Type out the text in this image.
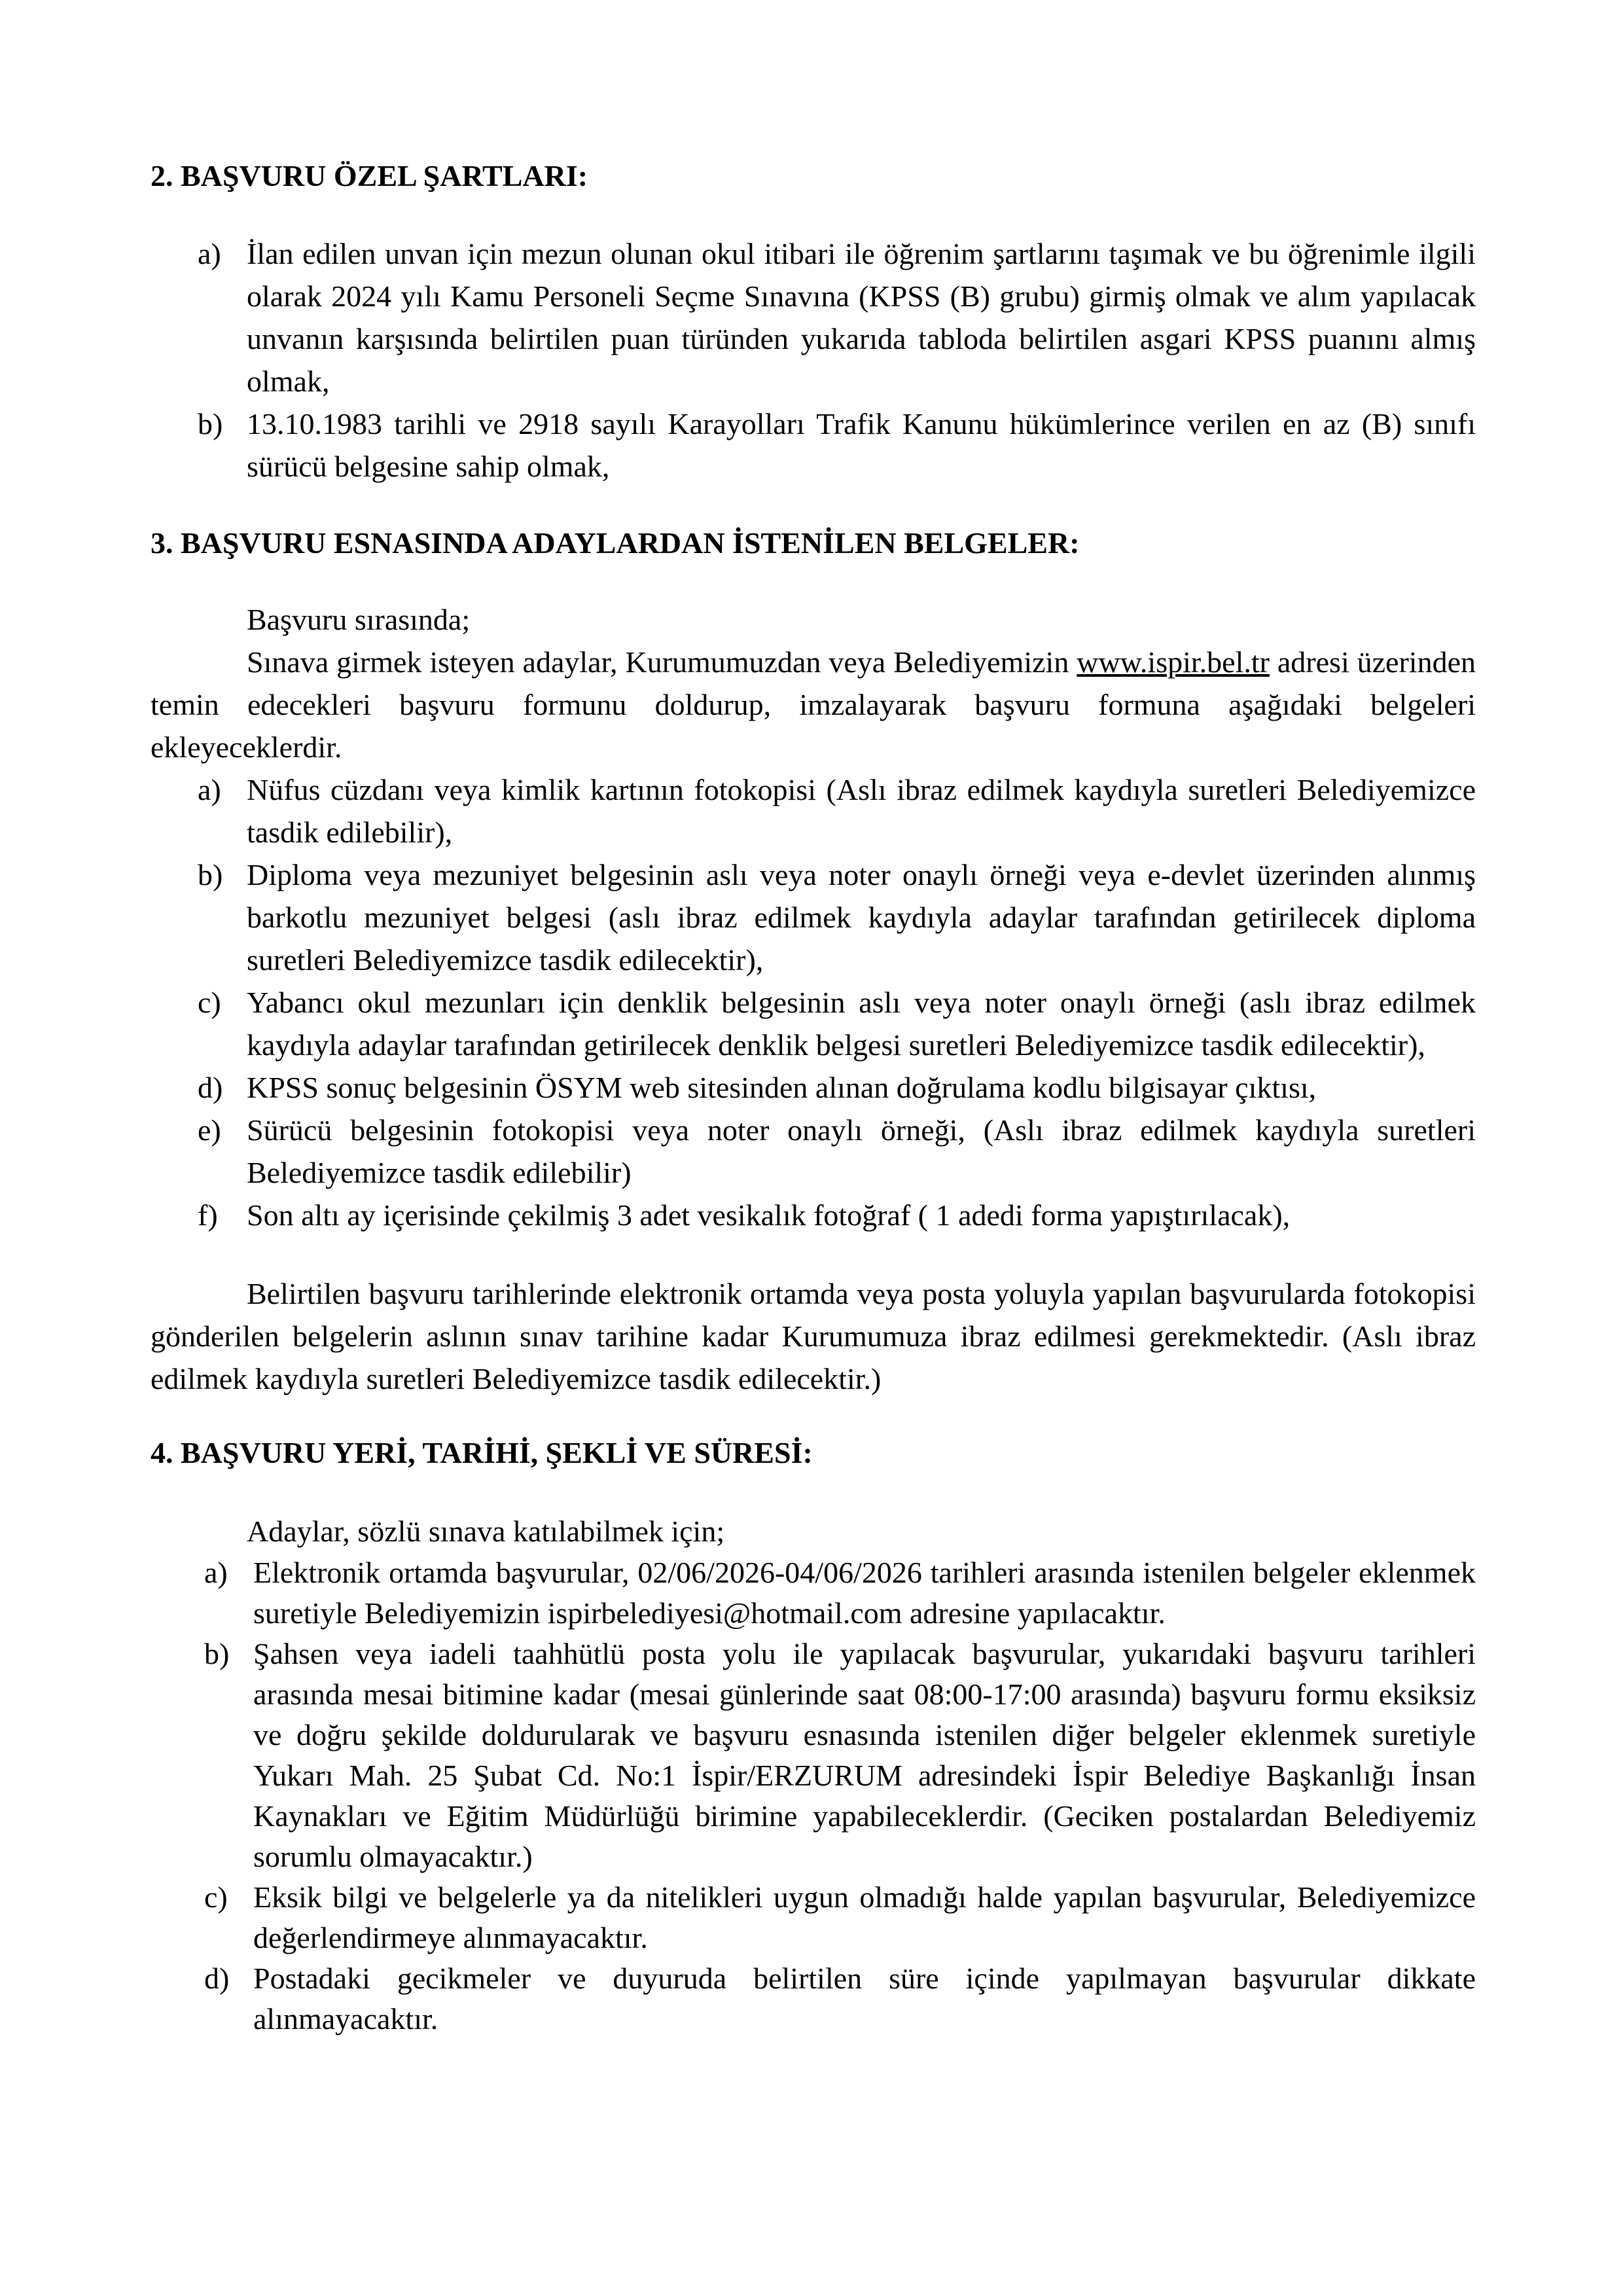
2. BAŞVURU ÖZEL ŞARTLARI:

a) İlan edilen unvan için mezun olunan okul itibari ile öğrenim şartlarını taşımak ve bu öğrenimle ilgili olarak 2024 yılı Kamu Personeli Seçme Sınavına (KPSS (B) grubu) girmiş olmak ve alım yapılacak unvanın karşısında belirtilen puan türünden yukarıda tabloda belirtilen asgari KPSS puanını almış olmak,
b) 13.10.1983 tarihli ve 2918 sayılı Karayolları Trafik Kanunu hükümlerince verilen en az (B) sınıfı sürücü belgesine sahip olmak,

3. BAŞVURU ESNASINDA ADAYLARDAN İSTENİLEN BELGELER:

Başvuru sırasında;

Sınava girmek isteyen adaylar, Kurumumuzdan veya Belediyemizin www.ispir.bel.tr adresi üzerinden temin edecekleri başvuru formunu doldurup, imzalayarak başvuru formuna aşağıdaki belgeleri ekleyeceklerdir.

a) Nüfus cüzdanı veya kimlik kartının fotokopisi (Aslı ibraz edilmek kaydıyla suretleri Belediyemizce tasdik edilebilir),
b) Diploma veya mezuniyet belgesinin aslı veya noter onaylı örneği veya e-devlet üzerinden alınmış barkotlu mezuniyet belgesi (aslı ibraz edilmek kaydıyla adaylar tarafından getirilecek diploma suretleri Belediyemizce tasdik edilecektir),
c) Yabancı okul mezunları için denklik belgesinin aslı veya noter onaylı örneği (aslı ibraz edilmek kaydıyla adaylar tarafından getirilecek denklik belgesi suretleri Belediyemizce tasdik edilecektir),
d) KPSS sonuç belgesinin ÖSYM web sitesinden alınan doğrulama kodlu bilgisayar çıktısı,
e) Sürücü belgesinin fotokopisi veya noter onaylı örneği, (Aslı ibraz edilmek kaydıyla suretleri Belediyemizce tasdik edilebilir)
f) Son altı ay içerisinde çekilmiş 3 adet vesikalık fotoğraf ( 1 adedi forma yapıştırılacak),

Belirtilen başvuru tarihlerinde elektronik ortamda veya posta yoluyla yapılan başvurularda fotokopisi gönderilen belgelerin aslının sınav tarihine kadar Kurumumuza ibraz edilmesi gerekmektedir. (Aslı ibraz edilmek kaydıyla suretleri Belediyemizce tasdik edilecektir.)

4. BAŞVURU YERİ, TARİHİ, ŞEKLİ VE SÜRESİ:

Adaylar, sözlü sınava katılabilmek için;

a) Elektronik ortamda başvurular, 02/06/2026-04/06/2026 tarihleri arasında istenilen belgeler eklenmek suretiyle Belediyemizin ispirbelediyesi@hotmail.com adresine yapılacaktır.
b) Şahsen veya iadeli taahhütlü posta yolu ile yapılacak başvurular, yukarıdaki başvuru tarihleri arasında mesai bitimine kadar (mesai günlerinde saat 08:00-17:00 arasında) başvuru formu eksiksiz ve doğru şekilde doldurularak ve başvuru esnasında istenilen diğer belgeler eklenmek suretiyle Yukarı Mah. 25 Şubat Cd. No:1 İspir/ERZURUM adresindeki İspir Belediye Başkanlığı İnsan Kaynakları ve Eğitim Müdürlüğü birimine yapabileceklerdir. (Geciken postalardan Belediyemiz sorumlu olmayacaktır.)
c) Eksik bilgi ve belgelerle ya da nitelikleri uygun olmadığı halde yapılan başvurular, Belediyemizce değerlendirmeye alınmayacaktır.
d) Postadaki gecikmeler ve duyuruda belirtilen süre içinde yapılmayan başvurular dikkate alınmayacaktır.
